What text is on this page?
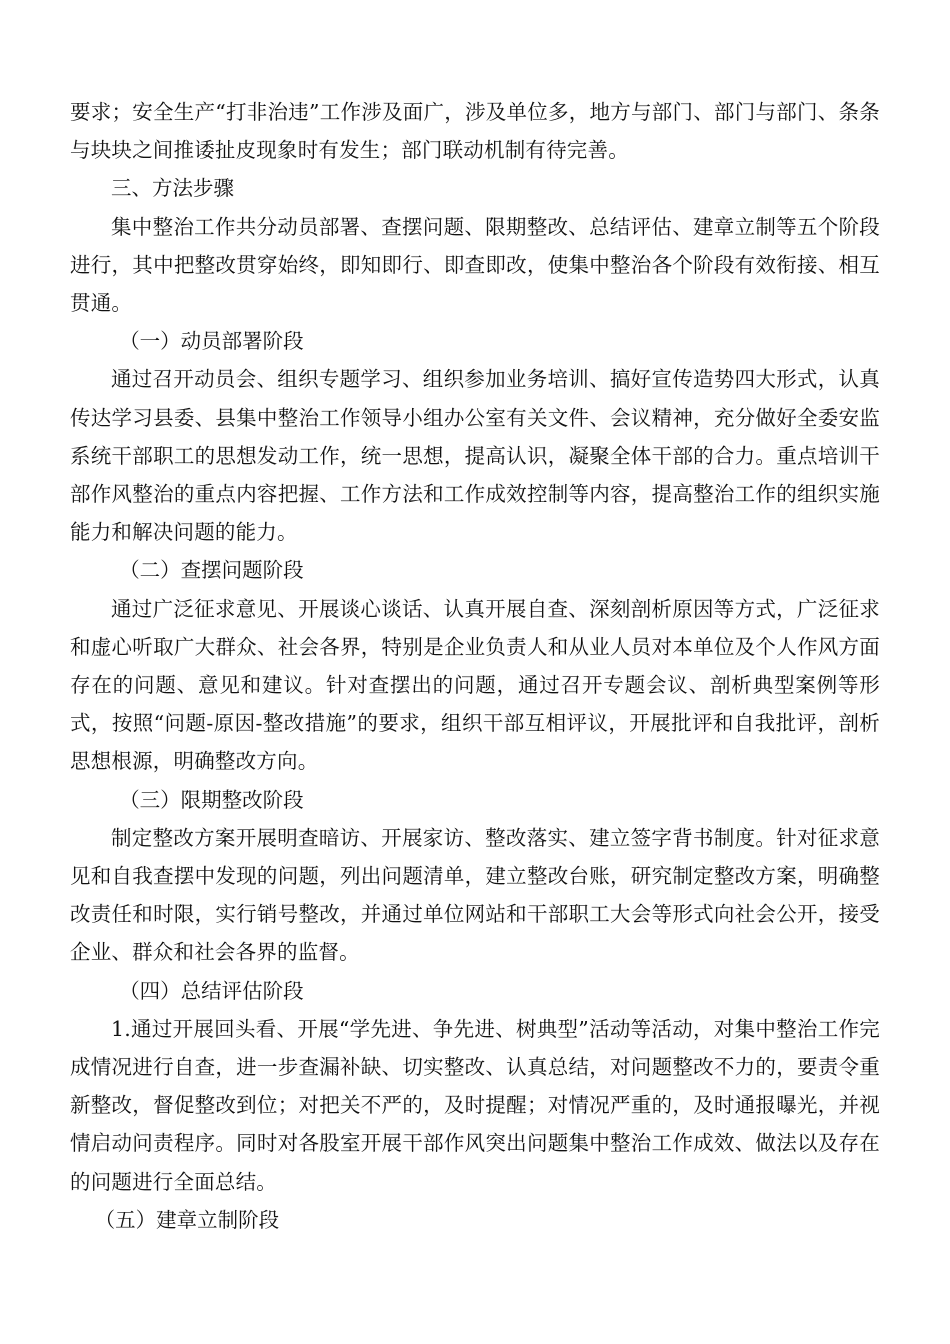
要求；安全生产“打非治违”工作涉及面广，涉及单位多，地方与部门、部门与部门、条条与块块之间推诿扯皮现象时有发生；部门联动机制有待完善。

三、方法步骤

集中整治工作共分动员部署、查摆问题、限期整改、总结评估、建章立制等五个阶段进行，其中把整改贯穿始终，即知即行、即查即改，使集中整治各个阶段有效衔接、相互贯通。

（一）动员部署阶段

通过召开动员会、组织专题学习、组织参加业务培训、搞好宣传造势四大形式，认真传达学习县委、县集中整治工作领导小组办公室有关文件、会议精神，充分做好全委安监系统干部职工的思想发动工作，统一思想，提高认识，凝聚全体干部的合力。重点培训干部作风整治的重点内容把握、工作方法和工作成效控制等内容，提高整治工作的组织实施能力和解决问题的能力。

（二）查摆问题阶段

通过广泛征求意见、开展谈心谈话、认真开展自查、深刻剖析原因等方式，广泛征求和虚心听取广大群众、社会各界，特别是企业负责人和从业人员对本单位及个人作风方面存在的问题、意见和建议。针对查摆出的问题，通过召开专题会议、剖析典型案例等形式，按照“问题-原因-整改措施”的要求，组织干部互相评议，开展批评和自我批评，剖析思想根源，明确整改方向。

（三）限期整改阶段

制定整改方案开展明查暗访、开展家访、整改落实、建立签字背书制度。针对征求意见和自我查摆中发现的问题，列出问题清单，建立整改台账，研究制定整改方案，明确整改责任和时限，实行销号整改，并通过单位网站和干部职工大会等形式向社会公开，接受企业、群众和社会各界的监督。

（四）总结评估阶段

1.通过开展回头看、开展“学先进、争先进、树典型”活动等活动，对集中整治工作完成情况进行自查，进一步查漏补缺、切实整改、认真总结，对问题整改不力的，要责令重新整改，督促整改到位；对把关不严的，及时提醒；对情况严重的，及时通报曝光，并视情启动问责程序。同时对各股室开展干部作风突出问题集中整治工作成效、做法以及存在的问题进行全面总结。

（五）建章立制阶段
